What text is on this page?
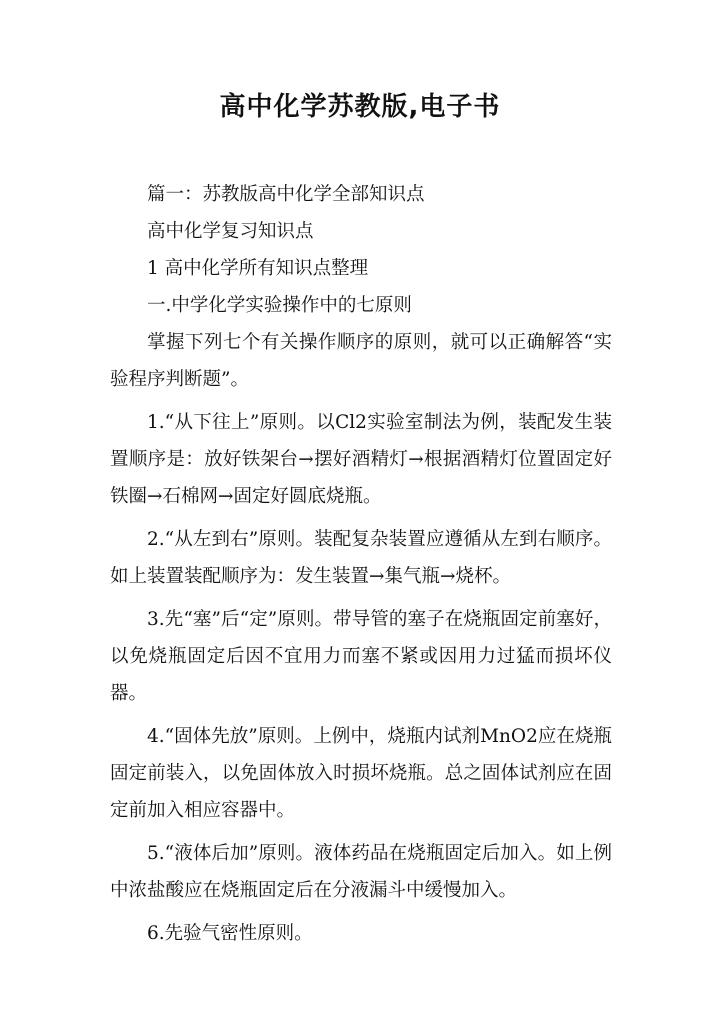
高中化学苏教版,电子书

篇一：苏教版高中化学全部知识点

高中化学复习知识点

1 高中化学所有知识点整理

一.中学化学实验操作中的七原则

掌握下列七个有关操作顺序的原则，就可以正确解答“实验程序判断题”。

1.“从下往上”原则。以Cl2实验室制法为例，装配发生装置顺序是：放好铁架台→摆好酒精灯→根据酒精灯位置固定好铁圈→石棉网→固定好圆底烧瓶。

2.“从左到右”原则。装配复杂装置应遵循从左到右顺序。如上装置装配顺序为：发生装置→集气瓶→烧杯。

3.先“塞”后“定”原则。带导管的塞子在烧瓶固定前塞好，以免烧瓶固定后因不宜用力而塞不紧或因用力过猛而损坏仪器。

4.“固体先放”原则。上例中，烧瓶内试剂MnO2应在烧瓶固定前装入，以免固体放入时损坏烧瓶。总之固体试剂应在固定前加入相应容器中。

5.“液体后加”原则。液体药品在烧瓶固定后加入。如上例中浓盐酸应在烧瓶固定后在分液漏斗中缓慢加入。

6.先验气密性原则。
